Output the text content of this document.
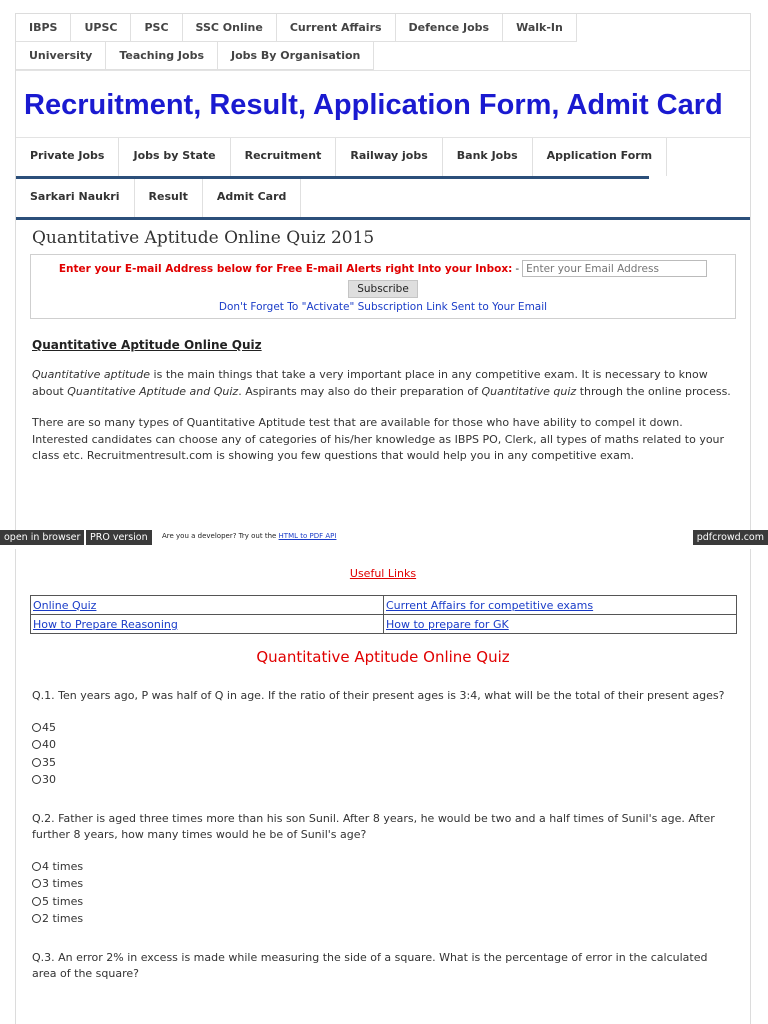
IBPS	UPSC	PSC	SSC Online	Current Affairs	Defence Jobs	Walk-In
University	Teaching Jobs	Jobs By Organisation
Recruitment, Result, Application Form, Admit Card
Private Jobs	Jobs by State	Recruitment	Railway jobs	Bank Jobs	Application Form
Sarkari Naukri	Result	Admit Card
Quantitative Aptitude Online Quiz 2015
Enter your E-mail Address below for Free E-mail Alerts right Into your Inbox: -
Enter your Email Address
Subscribe
Don't Forget To "Activate" Subscription Link Sent to Your Email
Quantitative Aptitude Online Quiz
Quantitative aptitude is the main things that take a very important place in any competitive exam. It is necessary to know about Quantitative Aptitude and Quiz. Aspirants may also do their preparation of Quantitative quiz through the online process.
There are so many types of Quantitative Aptitude test that are available for those who have ability to compel it down. Interested candidates can choose any of categories of his/her knowledge as IBPS PO, Clerk, all types of maths related to your class etc. Recruitmentresult.com is showing you few questions that would help you in any competitive exam.
open in browser	PRO version	Are you a developer? Try out the HTML to PDF API	pdfcrowd.com
Useful Links
Online Quiz	Current Affairs for competitive exams
How to Prepare Reasoning	How to prepare for GK
Quantitative Aptitude Online Quiz
Q.1. Ten years ago, P was half of Q in age. If the ratio of their present ages is 3:4, what will be the total of their present ages?
45
40
35
30
Q.2. Father is aged three times more than his son Sunil. After 8 years, he would be two and a half times of Sunil's age. After further 8 years, how many times would he be of Sunil's age?
4 times
3 times
5 times
2 times
Q.3. An error 2% in excess is made while measuring the side of a square. What is the percentage of error in the calculated area of the square?
